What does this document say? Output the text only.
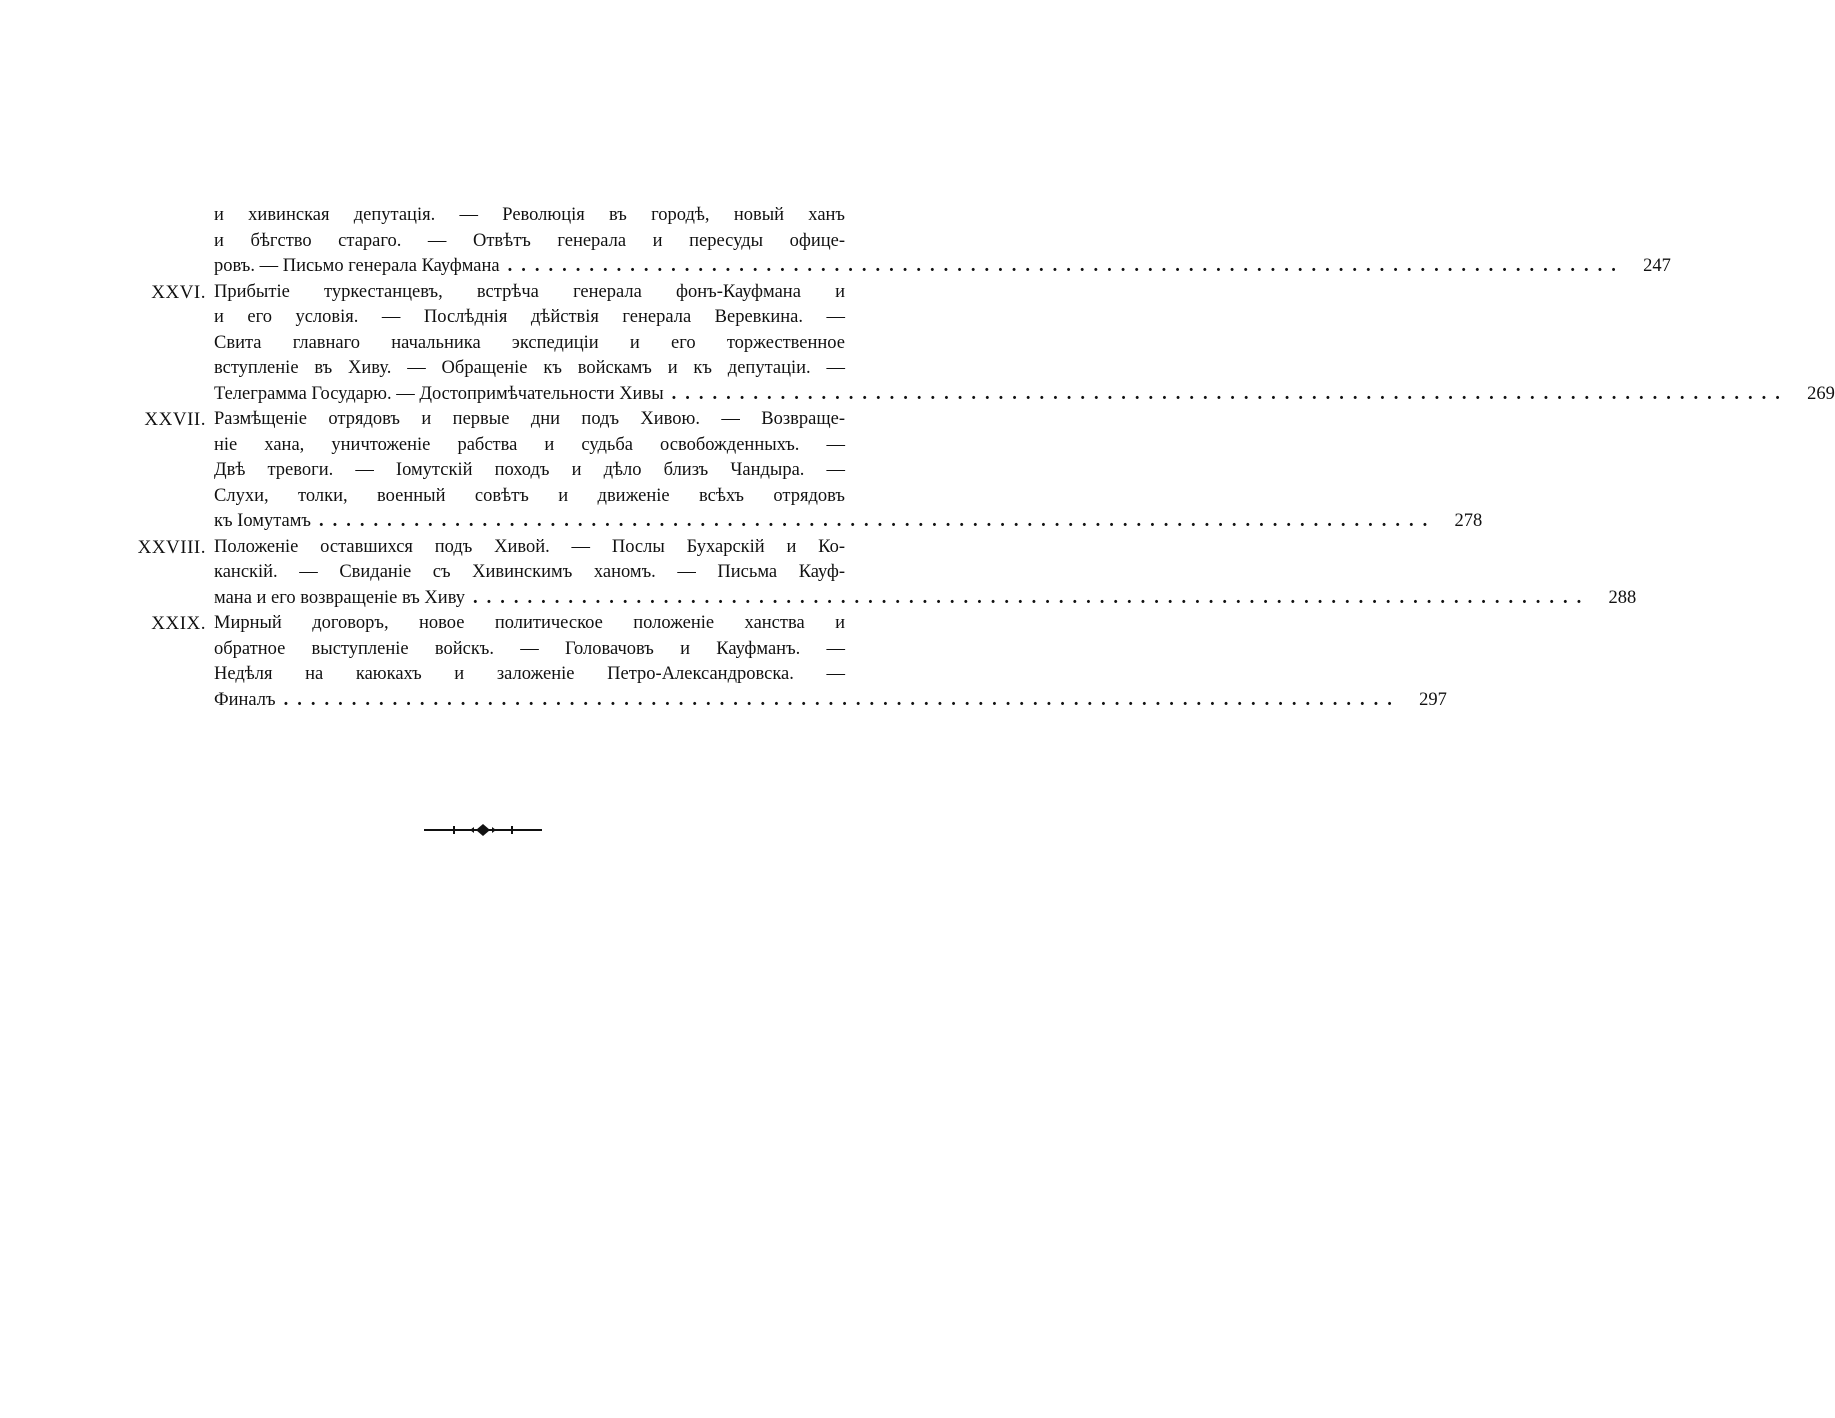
и хивинская депутація. — Революція въ городѣ, новый ханъ
и бѣгство стараго. — Отвѣтъ генерала и пересуды офице-
ровъ. — Письмо генерала Кауфмана .................................................................................. 247
XXVI. Прибытіе туркестанцевъ, встрѣча генерала фонъ-Кауфмана и
и его условія. — Послѣднія дѣйствія генерала Веревкина. —
Свита главнаго начальника экспедиціи и его торжественное
вступленіе въ Хиву. — Обращеніе къ войскамъ и къ депутаціи. —
Телеграмма Государю. — Достопримѣчательности Хивы .................................................................................. 269
XXVII. Размѣщеніе отрядовъ и первые дни подъ Хивою. — Возвраще-
ніе хана, уничтоженіе рабства и судьба освобожденныхъ. —
Двѣ тревоги. — Іомутскій походъ и дѣло близъ Чандыра. —
Слухи, толки, военный совѣтъ и движеніе всѣхъ отрядовъ
къ Іомутамъ .................................................................................. 278
XXVIII. Положеніе оставшихся подъ Хивой. — Послы Бухарскій и Ко-
канскій. — Свиданіе съ Хивинскимъ ханомъ. — Письма Кауф-
мана и его возвращеніе въ Хиву .................................................................................. 288
XXIX. Мирный договоръ, новое политическое положеніе ханства и
обратное выступленіе войскъ. — Головачовъ и Кауфманъ. —
Недѣля на каюкахъ и заложеніе Петро-Александровска. —
Финалъ .................................................................................. 297
